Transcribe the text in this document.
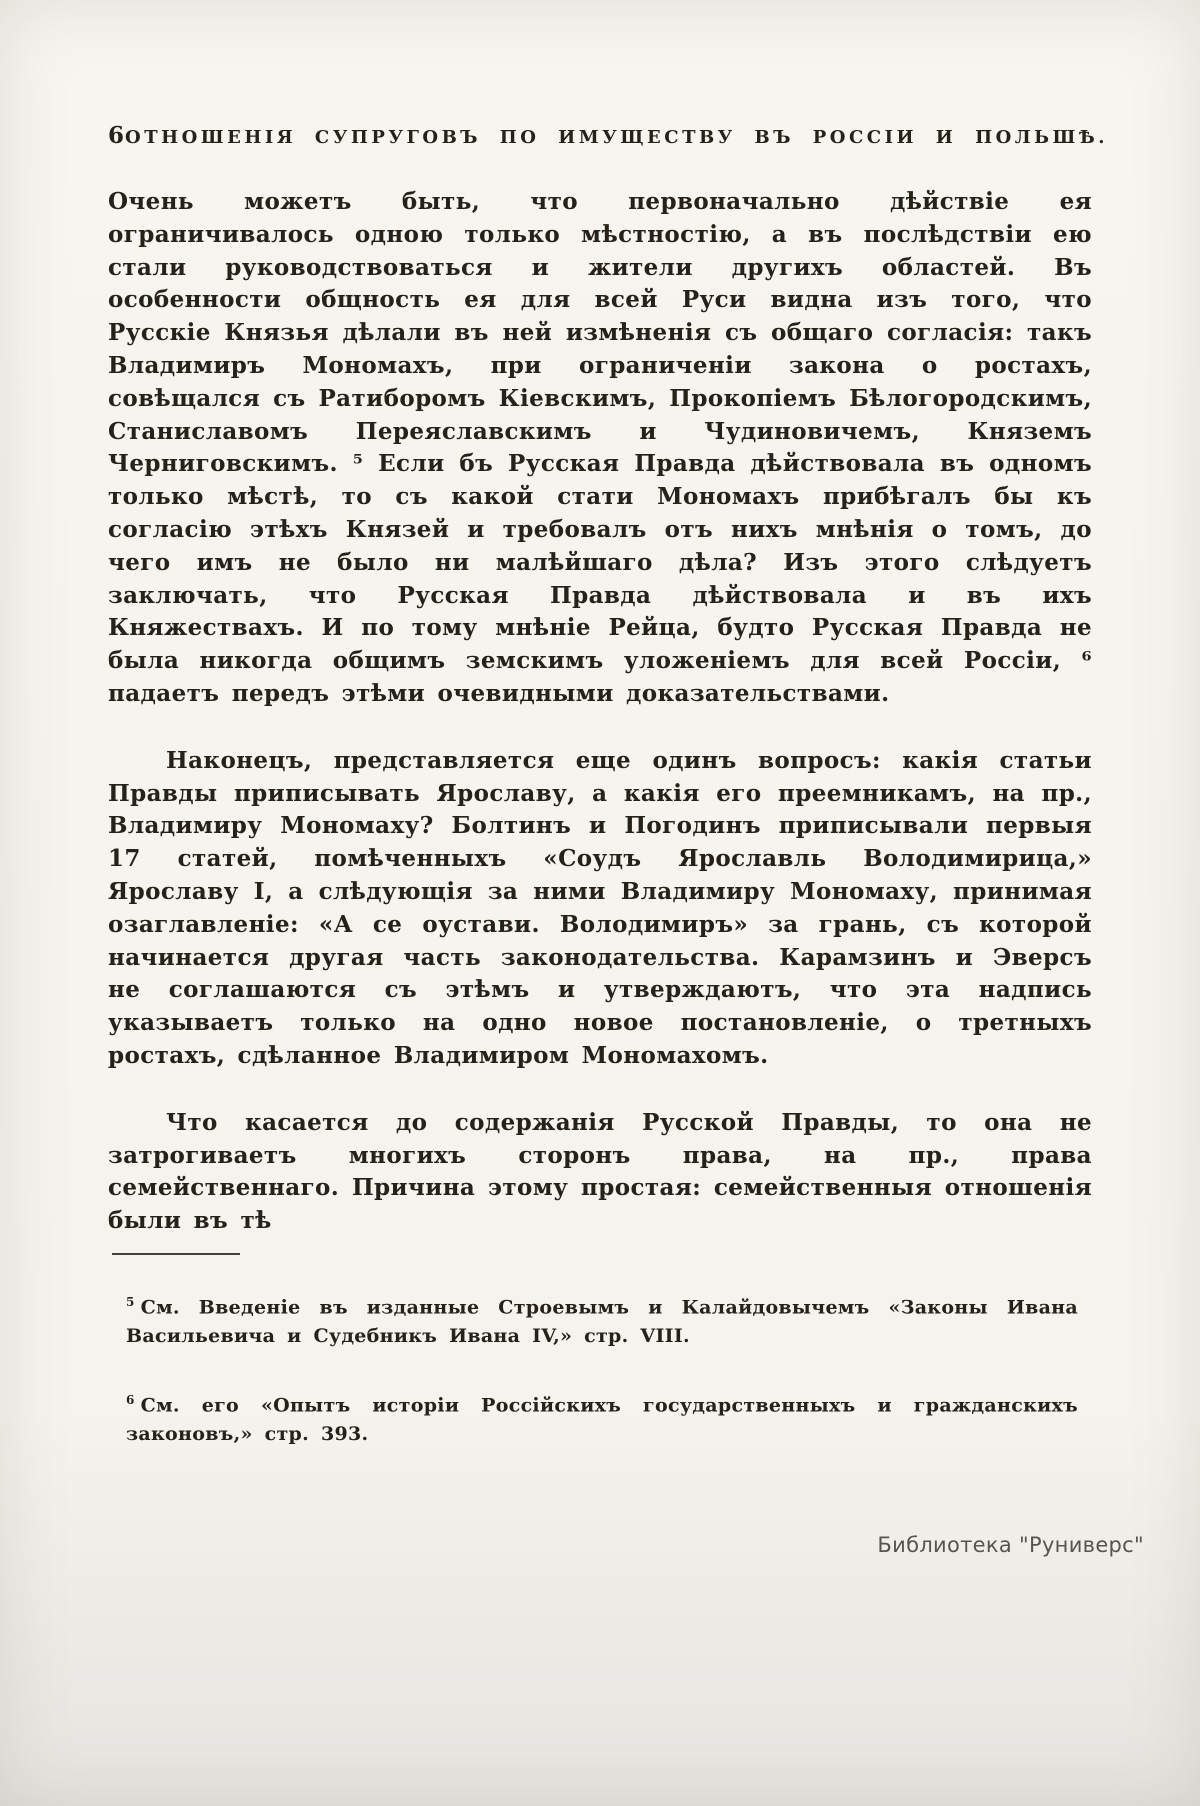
6 ОТНОШЕНІЯ СУПРУГОВЪ ПО ИМУЩЕСТВУ ВЪ РОССІИ И ПОЛЬШѢ.

Очень можетъ быть, что первоначально дѣйствіе ея ограничивалось одною только мѣстностію, а въ послѣдствіи ею стали руководствоваться и жители другихъ областей. Въ особенности общность ея для всей Руси видна изъ того, что Русскіе Князья дѣлали въ ней измѣненія съ общаго согласія: такъ Владимиръ Мономахъ, при ограниченіи закона о ростахъ, совѣщался съ Ратиборомъ Кіевскимъ, Прокопіемъ Бѣлогородскимъ, Станиславомъ Переяславскимъ и Чудиновичемъ, Княземъ Черниговскимъ. ⁵ Если бъ Русская Правда дѣйствовала въ одномъ только мѣстѣ, то съ какой стати Мономахъ прибѣгалъ бы къ согласію этѣхъ Князей и требовалъ отъ нихъ мнѣнія о томъ, до чего имъ не было ни малѣйшаго дѣла? Изъ этого слѣдуетъ заключать, что Русская Правда дѣйствовала и въ ихъ Княжествахъ. И по тому мнѣніе Рейца, будто Русская Правда не была никогда общимъ земскимъ уложеніемъ для всей Россіи, ⁶ падаетъ передъ этѣми очевидными доказательствами.

Наконецъ, представляется еще одинъ вопросъ: какія статьи Правды приписывать Ярославу, а какія его преемникамъ, на пр., Владимиру Мономаху? Болтинъ и Погодинъ приписывали первыя 17 статей, помѣченныхъ «Соудъ Ярославль Володимирица,» Ярославу I, а слѣдующія за ними Владимиру Мономаху, принимая озаглавленіе: «А се оустави. Володимиръ» за грань, съ которой начинается другая часть законодательства. Карамзинъ и Эверсъ не соглашаются съ этѣмъ и утверждаютъ, что эта надпись указываетъ только на одно новое постановленіе, о третныхъ ростахъ, сдѣланное Владимиром Мономахомъ.

Что касается до содержанія Русской Правды, то она не затрогиваетъ многихъ сторонъ права, на пр., права семейственнаго. Причина этому простая: семейственныя отношенія были въ тѣ

$^5$ См. Введеніе въ изданные Строевымъ и Калайдовычемъ «Законы Ивана Васильевича и Судебникъ Ивана IV,» стр. VIII.

$^6$ См. его «Опытъ исторіи Россійскихъ государственныхъ и гражданскихъ законовъ,» стр. 393.

Библиотека "Руниверс"
